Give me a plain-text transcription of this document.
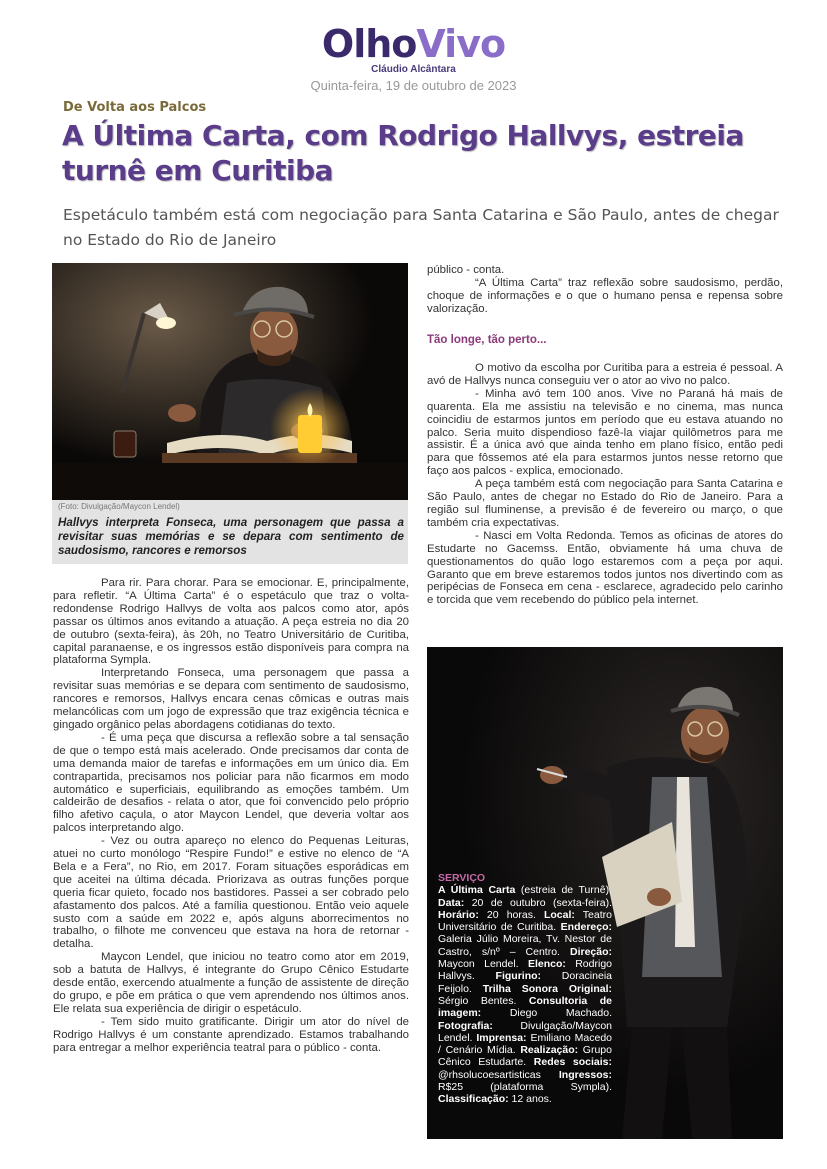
OlhoVivo
Cláudio Alcântara
Quinta-feira, 19 de outubro de 2023
De Volta aos Palcos
A Última Carta, com Rodrigo Hallvys, estreia turnê em Curitiba
Espetáculo também está com negociação para Santa Catarina e São Paulo, antes de chegar no Estado do Rio de Janeiro
(Foto: Divulgação/Maycon Lendel)
Hallvys interpreta Fonseca, uma personagem que passa a revisitar suas memórias e se depara com sentimento de saudosismo, rancores e remorsos

Para rir. Para chorar. Para se emocionar. E, principalmente, para refletir. “A Última Carta” é o espetáculo que traz o volta-redondense Rodrigo Hallvys de volta aos palcos como ator, após passar os últimos anos evitando a atuação. A peça estreia no dia 20 de outubro (sexta-feira), às 20h, no Teatro Universitário de Curitiba, capital paranaense, e os ingressos estão disponíveis para compra na plataforma Sympla.

Interpretando Fonseca, uma personagem que passa a revisitar suas memórias e se depara com sentimento de saudosismo, rancores e remorsos, Hallvys encara cenas cômicas e outras mais melancólicas com um jogo de expressão que traz exigência técnica e gingado orgânico pelas abordagens cotidianas do texto.

- É uma peça que discursa a reflexão sobre a tal sensação de que o tempo está mais acelerado. Onde precisamos dar conta de uma demanda maior de tarefas e informações em um único dia. Em contrapartida, precisamos nos policiar para não ficarmos em modo automático e superficiais, equilibrando as emoções também. Um caldeirão de desafios - relata o ator, que foi convencido pelo próprio filho afetivo caçula, o ator Maycon Lendel, que deveria voltar aos palcos interpretando algo.

- Vez ou outra apareço no elenco do Pequenas Leituras, atuei no curto monólogo “Respire Fundo!” e estive no elenco de “A Bela e a Fera”, no Rio, em 2017. Foram situações esporádicas em que aceitei na última década. Priorizava as outras funções porque queria ficar quieto, focado nos bastidores. Passei a ser cobrado pelo afastamento dos palcos. Até a família questionou. Então veio aquele susto com a saúde em 2022 e, após alguns aborrecimentos no trabalho, o filhote me convenceu que estava na hora de retornar - detalha.

Maycon Lendel, que iniciou no teatro como ator em 2019, sob a batuta de Hallvys, é integrante do Grupo Cênico Estudarte desde então, exercendo atualmente a função de assistente de direção do grupo, e põe em prática o que vem aprendendo nos últimos anos. Ele relata sua experiência de dirigir o espetáculo.

- Tem sido muito gratificante. Dirigir um ator do nível de Rodrigo Hallvys é um constante aprendizado. Estamos trabalhando para entregar a melhor experiência teatral para o público - conta.

público - conta.

“A Última Carta” traz reflexão sobre saudosismo, perdão, choque de informações e o que o humano pensa e repensa sobre valorização.

Tão longe, tão perto...

O motivo da escolha por Curitiba para a estreia é pessoal. A avó de Hallvys nunca conseguiu ver o ator ao vivo no palco.

- Minha avó tem 100 anos. Vive no Paraná há mais de quarenta. Ela me assistiu na televisão e no cinema, mas nunca coincidiu de estarmos juntos em período que eu estava atuando no palco. Seria muito dispendioso fazê-la viajar quilômetros para me assistir. É a única avó que ainda tenho em plano físico, então pedi para que fôssemos até ela para estarmos juntos nesse retorno que faço aos palcos - explica, emocionado.

A peça também está com negociação para Santa Catarina e São Paulo, antes de chegar no Estado do Rio de Janeiro. Para a região sul fluminense, a previsão é de fevereiro ou março, o que também cria expectativas.

- Nasci em Volta Redonda. Temos as oficinas de atores do Estudarte no Gacemss. Então, obviamente há uma chuva de questionamentos do quão logo estaremos com a peça por aqui. Garanto que em breve estaremos todos juntos nos divertindo com as peripécias de Fonseca em cena - esclarece, agradecido pelo carinho e torcida que vem recebendo do público pela internet.

SERVIÇO
A Última Carta (estreia de Turnê). Data: 20 de outubro (sexta-feira). Horário: 20 horas. Local: Teatro Universitário de Curitiba. Endereço: Galeria Júlio Moreira, Tv. Nestor de Castro, s/nº – Centro. Direção: Maycon Lendel. Elenco: Rodrigo Hallvys. Figurino: Doracineia Feijolo. Trilha Sonora Original: Sérgio Bentes. Consultoria de imagem: Diego Machado. Fotografia: Divulgação/Maycon Lendel. Imprensa: Emiliano Macedo / Cenário Mídia. Realização: Grupo Cênico Estudarte. Redes sociais: @rhsolucoesartisticas Ingressos: R$25 (plataforma Sympla). Classificação: 12 anos.
